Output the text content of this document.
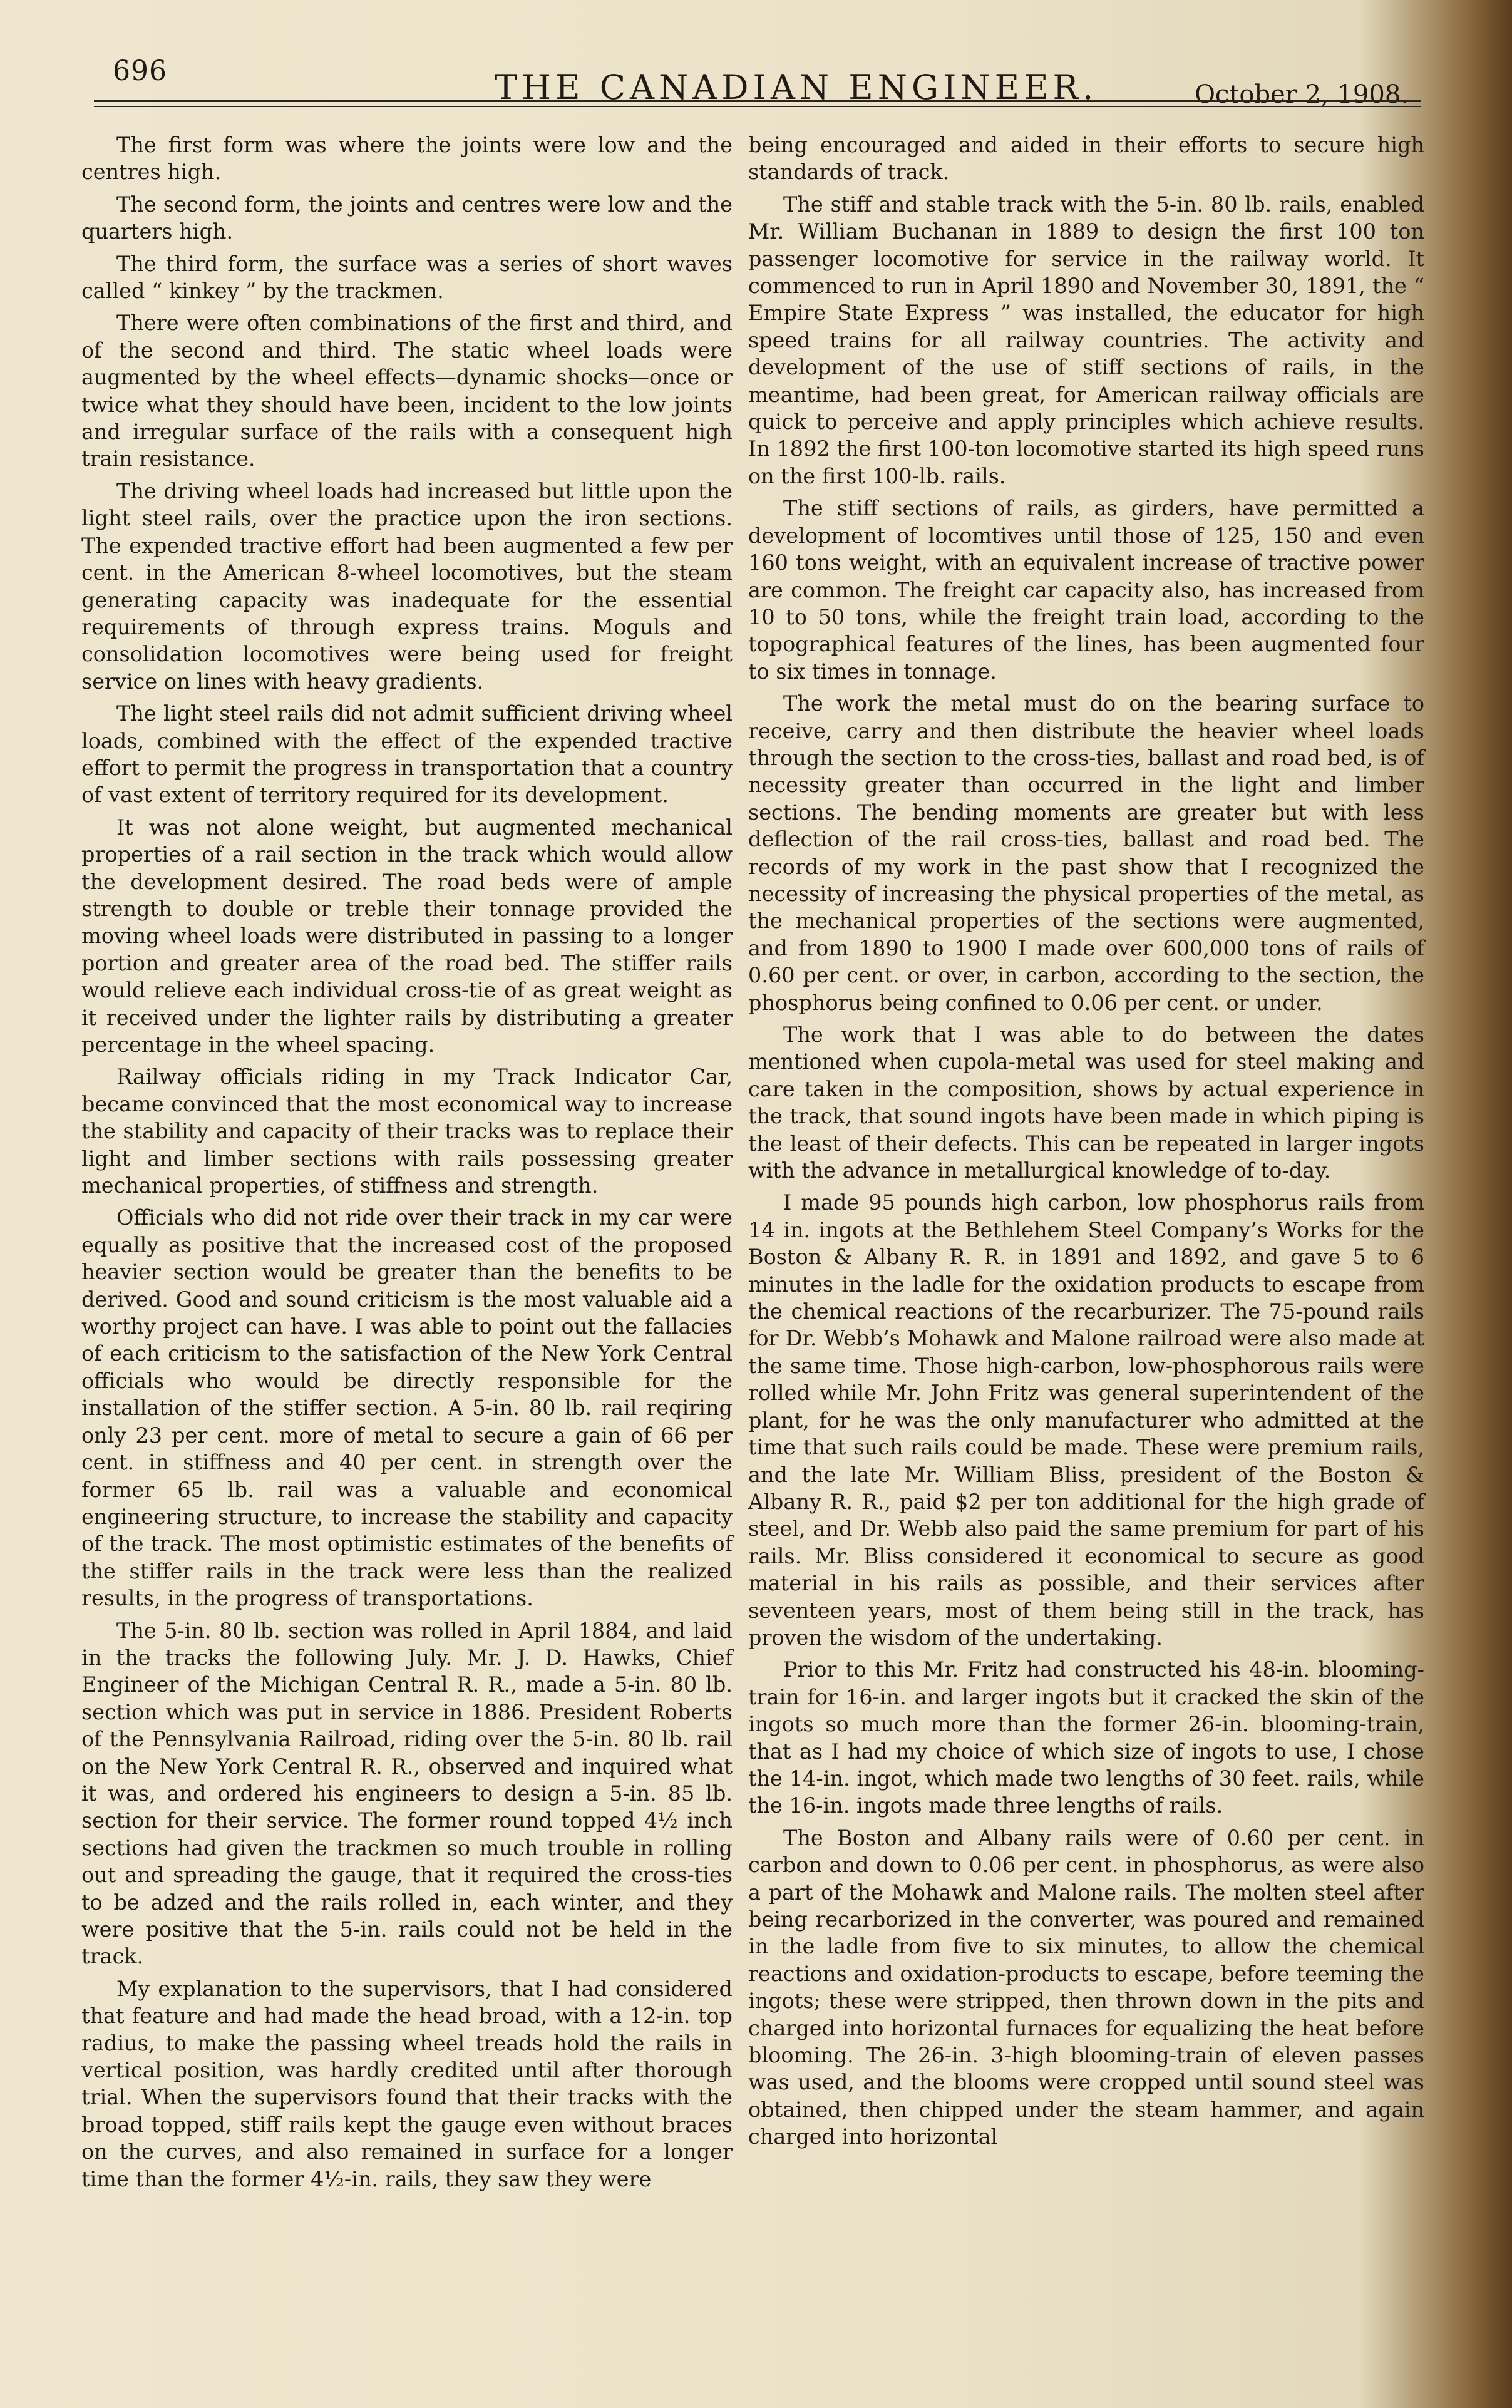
696	THE CANADIAN ENGINEER.	October 2, 1908.

The first form was where the joints were low and the centres high.

The second form, the joints and centres were low and the quarters high.

The third form, the surface was a series of short waves called “ kinkey ” by the trackmen.

There were often combinations of the first and third, and of the second and third. The static wheel loads were augmented by the wheel effects—dynamic shocks—once or twice what they should have been, incident to the low joints and irregular surface of the rails with a consequent high train resistance.

The driving wheel loads had increased but little upon the light steel rails, over the practice upon the iron sections. The expended tractive effort had been augmented a few per cent. in the American 8-wheel locomotives, but the steam generating capacity was inadequate for the essential requirements of through express trains. Moguls and consolidation locomotives were being used for freight service on lines with heavy gradients.

The light steel rails did not admit sufficient driving wheel loads, combined with the effect of the expended tractive effort to permit the progress in transportation that a country of vast extent of territory required for its development.

It was not alone weight, but augmented mechanical properties of a rail section in the track which would allow the development desired. The road beds were of ample strength to double or treble their tonnage provided the moving wheel loads were distributed in passing to a longer portion and greater area of the road bed. The stiffer rails would relieve each individual cross-tie of as great weight as it received under the lighter rails by distributing a greater percentage in the wheel spacing.

Railway officials riding in my Track Indicator Car, became convinced that the most economical way to increase the stability and capacity of their tracks was to replace their light and limber sections with rails possessing greater mechanical properties, of stiffness and strength.

Officials who did not ride over their track in my car were equally as positive that the increased cost of the proposed heavier section would be greater than the benefits to be derived. Good and sound criticism is the most valuable aid a worthy project can have. I was able to point out the fallacies of each criticism to the satisfaction of the New York Central officials who would be directly responsible for the installation of the stiffer section. A 5-in. 80 lb. rail reqiring only 23 per cent. more of metal to secure a gain of 66 per cent. in stiffness and 40 per cent. in strength over the former 65 lb. rail was a valuable and economical engineering structure, to increase the stability and capacity of the track. The most optimistic estimates of the benefits of the stiffer rails in the track were less than the realized results, in the progress of transportations.

The 5-in. 80 lb. section was rolled in April 1884, and laid in the tracks the following July. Mr. J. D. Hawks, Chief Engineer of the Michigan Central R. R., made a 5-in. 80 lb. section which was put in service in 1886. President Roberts of the Pennsylvania Railroad, riding over the 5-in. 80 lb. rail on the New York Central R. R., observed and inquired what it was, and ordered his engineers to design a 5-in. 85 lb. section for their service. The former round topped 4½ inch sections had given the trackmen so much trouble in rolling out and spreading the gauge, that it required the cross-ties to be adzed and the rails rolled in, each winter, and they were positive that the 5-in. rails could not be held in the track.

My explanation to the supervisors, that I had considered that feature and had made the head broad, with a 12-in. top radius, to make the passing wheel treads hold the rails in vertical position, was hardly credited until after thorough trial. When the supervisors found that their tracks with the broad topped, stiff rails kept the gauge even without braces on the curves, and also remained in surface for a longer time than the former 4½-in. rails, they saw they were

being encouraged and aided in their efforts to secure high standards of track.

The stiff and stable track with the 5-in. 80 lb. rails, enabled Mr. William Buchanan in 1889 to design the first 100 ton passenger locomotive for service in the railway world. It commenced to run in April 1890 and November 30, 1891, the “ Empire State Express ” was installed, the educator for high speed trains for all railway countries. The activity and development of the use of stiff sections of rails, in the meantime, had been great, for American railway officials are quick to perceive and apply principles which achieve results. In 1892 the first 100-ton locomotive started its high speed runs on the first 100-lb. rails.

The stiff sections of rails, as girders, have permitted a development of locomtives until those of 125, 150 and even 160 tons weight, with an equivalent increase of tractive power are common. The freight car capacity also, has increased from 10 to 50 tons, while the freight train load, according to the topographical features of the lines, has been augmented four to six times in tonnage.

The work the metal must do on the bearing surface to receive, carry and then distribute the heavier wheel loads through the section to the cross-ties, ballast and road bed, is of necessity greater than occurred in the light and limber sections. The bending moments are greater but with less deflection of the rail cross-ties, ballast and road bed. The records of my work in the past show that I recognized the necessity of increasing the physical properties of the metal, as the mechanical properties of the sections were augmented, and from 1890 to 1900 I made over 600,000 tons of rails of 0.60 per cent. or over, in carbon, according to the section, the phosphorus being confined to 0.06 per cent. or under.

The work that I was able to do between the dates mentioned when cupola-metal was used for steel making and care taken in the composition, shows by actual experience in the track, that sound ingots have been made in which piping is the least of their defects. This can be repeated in larger ingots with the advance in metallurgical knowledge of to-day.

I made 95 pounds high carbon, low phosphorus rails from 14 in. ingots at the Bethlehem Steel Company’s Works for the Boston & Albany R. R. in 1891 and 1892, and gave 5 to 6 minutes in the ladle for the oxidation products to escape from the chemical reactions of the recarburizer. The 75-pound rails for Dr. Webb’s Mohawk and Malone railroad were also made at the same time. Those high-carbon, low-phosphorous rails were rolled while Mr. John Fritz was general superintendent of the plant, for he was the only manufacturer who admitted at the time that such rails could be made. These were premium rails, and the late Mr. William Bliss, president of the Boston & Albany R. R., paid $2 per ton additional for the high grade of steel, and Dr. Webb also paid the same premium for part of his rails. Mr. Bliss considered it economical to secure as good material in his rails as possible, and their services after seventeen years, most of them being still in the track, has proven the wisdom of the undertaking.

Prior to this Mr. Fritz had constructed his 48-in. blooming-train for 16-in. and larger ingots but it cracked the skin of the ingots so much more than the former 26-in. blooming-train, that as I had my choice of which size of ingots to use, I chose the 14-in. ingot, which made two lengths of 30 feet. rails, while the 16-in. ingots made three lengths of rails.

The Boston and Albany rails were of 0.60 per cent. in carbon and down to 0.06 per cent. in phosphorus, as were also a part of the Mohawk and Malone rails. The molten steel after being recarborized in the converter, was poured and remained in the ladle from five to six minutes, to allow the chemical reactions and oxidation-products to escape, before teeming the ingots; these were stripped, then thrown down in the pits and charged into horizontal furnaces for equalizing the heat before blooming. The 26-in. 3-high blooming-train of eleven passes was used, and the blooms were cropped until sound steel was obtained, then chipped under the steam hammer, and again charged into horizontal
